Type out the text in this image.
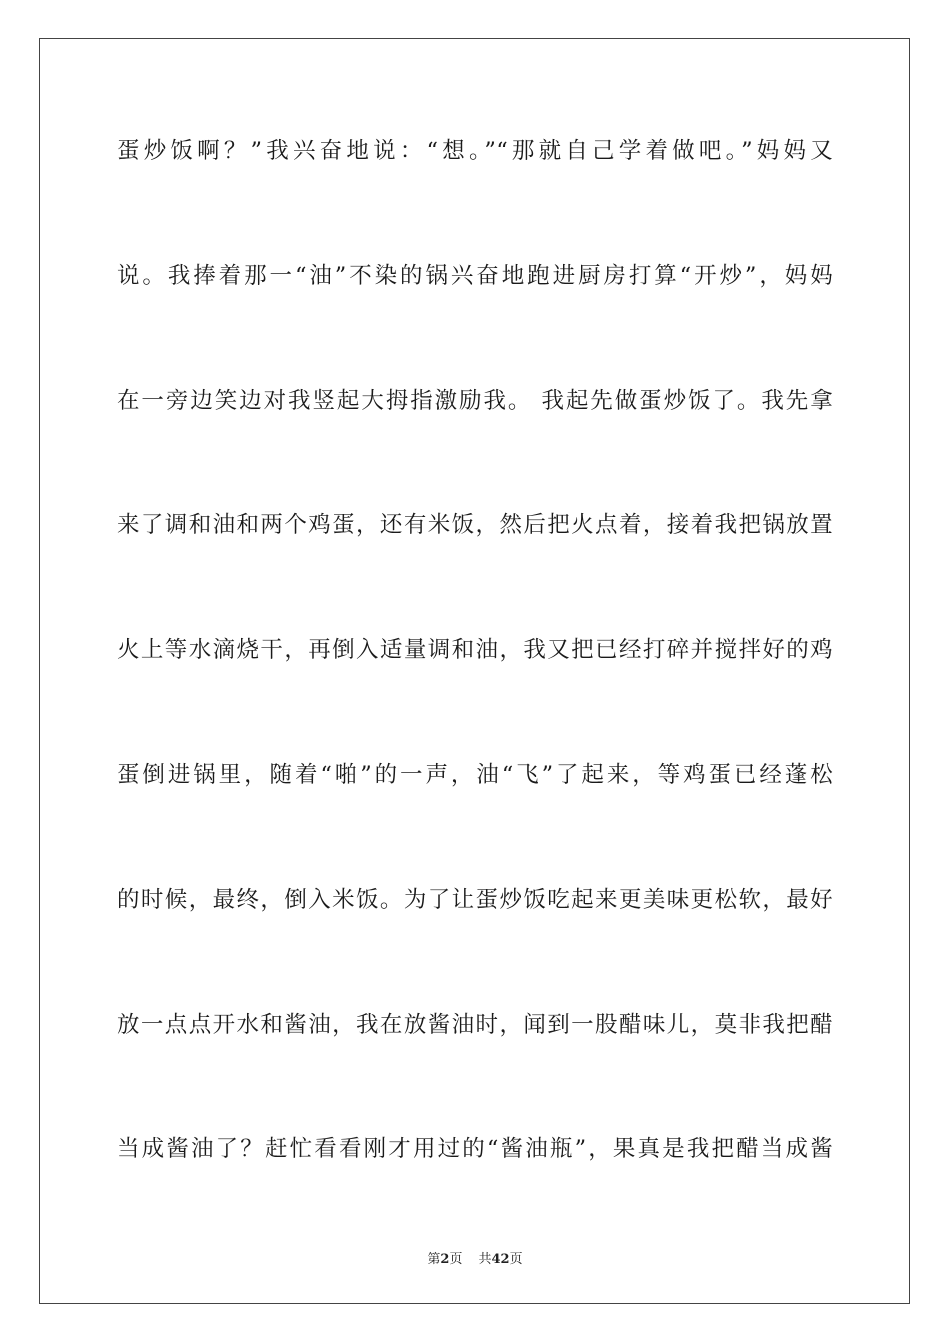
蛋炒饭啊？”我兴奋地说：“想。”“那就自己学着做吧。”妈妈又
说。我捧着那一“油”不染的锅兴奋地跑进厨房打算“开炒”，妈妈
在一旁边笑边对我竖起大拇指激励我。 我起先做蛋炒饭了。我先拿
来了调和油和两个鸡蛋，还有米饭，然后把火点着，接着我把锅放置
火上等水滴烧干，再倒入适量调和油，我又把已经打碎并搅拌好的鸡
蛋倒进锅里，随着“啪”的一声，油“飞”了起来，等鸡蛋已经蓬松
的时候，最终，倒入米饭。为了让蛋炒饭吃起来更美味更松软，最好
放一点点开水和酱油，我在放酱油时，闻到一股醋味儿，莫非我把醋
当成酱油了？赶忙看看刚才用过的“酱油瓶”，果真是我把醋当成酱
第2页 共42页
